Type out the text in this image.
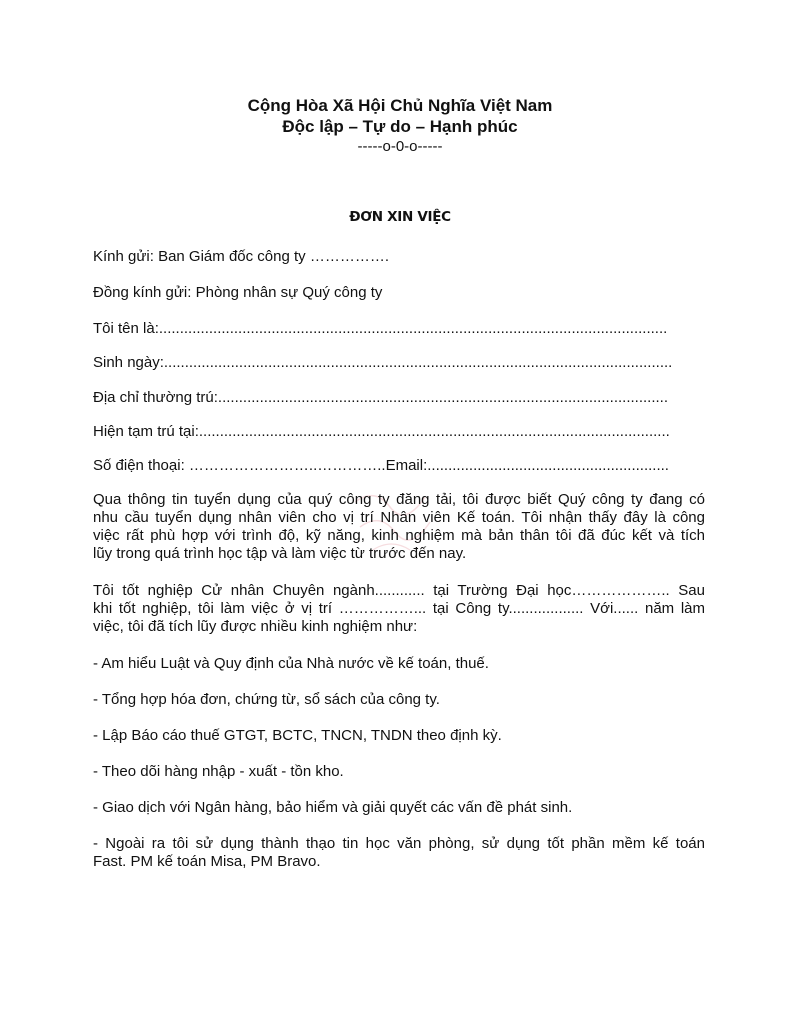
Cộng Hòa Xã Hội Chủ Nghĩa Việt Nam
Độc lập – Tự do – Hạnh phúc
-----o-0-o-----
ĐƠN XIN VIỆC
Kính gửi: Ban Giám đốc công ty …………….
Đồng kính gửi: Phòng nhân sự Quý công ty
Tôi tên là:..........................................................................................................................
Sinh ngày:..........................................................................................................................
Địa chỉ thường trú:............................................................................................................
Hiện tạm trú tại:.................................................................................................................
Số điện thoại: ……………………..…………..Email:..........................................................
Qua thông tin tuyển dụng của quý công ty đăng tải, tôi được biết Quý công ty đang có
nhu cầu tuyển dụng nhân viên cho vị trí Nhân viên Kế toán. Tôi nhận thấy đây là công
việc rất phù hợp với trình độ, kỹ năng, kinh nghiệm mà bản thân tôi đã đúc kết và tích
lũy trong quá trình học tập và làm việc từ trước đến nay.
Tôi tốt nghiệp Cử nhân Chuyên ngành............ tại Trường Đại học……………….. Sau
khi tốt nghiệp, tôi làm việc ở vị trí ……………... tại Công ty.................. Với...... năm làm
việc, tôi đã tích lũy được nhiều kinh nghiệm như:
- Am hiểu Luật và Quy định của Nhà nước về kế toán, thuế.
- Tổng hợp hóa đơn, chứng từ, sổ sách của công ty.
- Lập Báo cáo thuế GTGT, BCTC, TNCN, TNDN theo định kỳ.
- Theo dõi hàng nhập - xuất - tồn kho.
- Giao dịch với Ngân hàng, bảo hiểm và giải quyết các vấn đề phát sinh.
- Ngoài ra tôi sử dụng thành thạo tin học văn phòng, sử dụng tốt phần mềm kế toán
Fast. PM kế toán Misa, PM Bravo.
